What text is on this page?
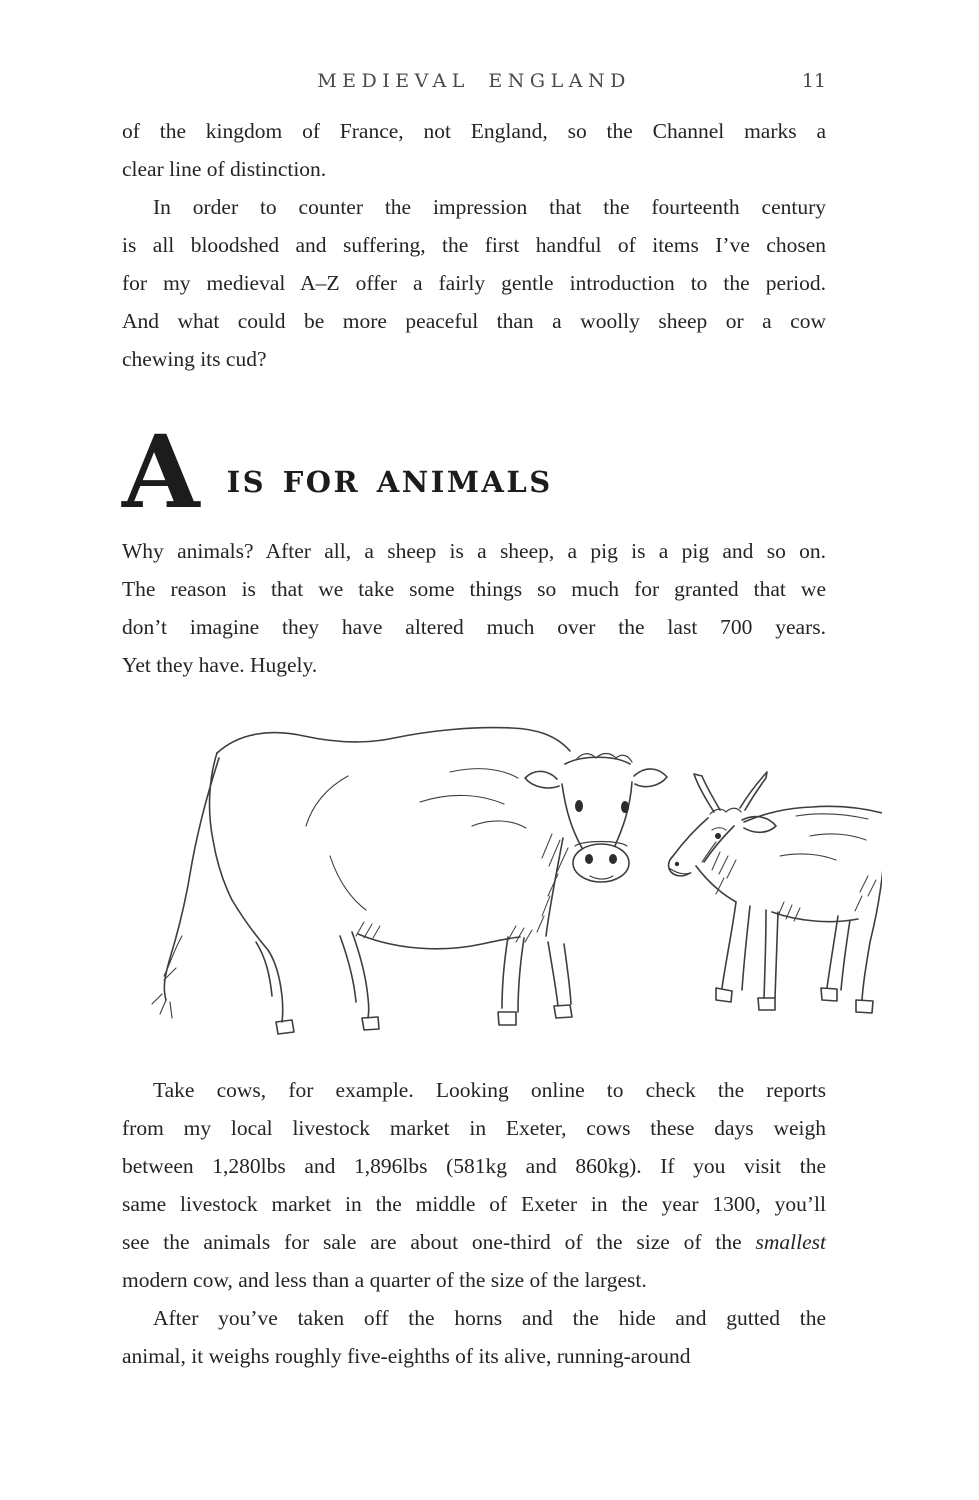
MEDIEVAL ENGLAND	11

of the kingdom of France, not England, so the Channel marks a
clear line of distinction.

In order to counter the impression that the fourteenth century
is all bloodshed and suffering, the first handful of items I’ve chosen
for my medieval A–Z offer a fairly gentle introduction to the period.
And what could be more peaceful than a woolly sheep or a cow
chewing its cud?

A IS FOR ANIMALS

Why animals? After all, a sheep is a sheep, a pig is a pig and so on.
The reason is that we take some things so much for granted that we
don’t imagine they have altered much over the last 700 years.
Yet they have. Hugely.

Take cows, for example. Looking online to check the reports
from my local livestock market in Exeter, cows these days weigh
between 1,280lbs and 1,896lbs (581kg and 860kg). If you visit the
same livestock market in the middle of Exeter in the year 1300, you’ll
see the animals for sale are about one-third of the size of the smallest
modern cow, and less than a quarter of the size of the largest.

After you’ve taken off the horns and the hide and gutted the
animal, it weighs roughly five-eighths of its alive, running-around
